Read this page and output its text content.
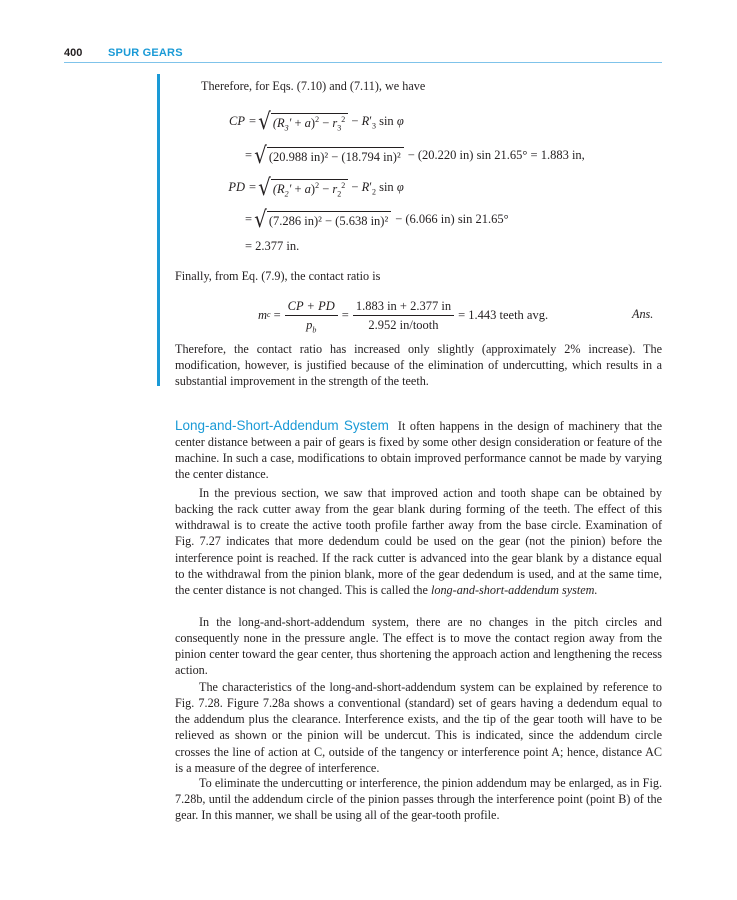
400 SPUR GEARS
Therefore, for Eqs. (7.10) and (7.11), we have
CP = √ $(R_3' + a)^2 - r_3^2 - R'_3$ sin φ
= √ (20.988 in)² − (18.794 in)² − (20.220 in) sin 21.65° = 1.883 in,
PD = √ $(R_2' + a)^2 - r_2^2 - R'_2$ sin φ
= √ (7.286 in)² − (5.638 in)² − (6.066 in) sin 21.65°
= 2.377 in.
Finally, from Eq. (7.9), the contact ratio is
m $c = \frac{CP + PD}{p_b} = \frac{1.883 in + 2.377 in}{\text{2.952 in/tooth}} = 1.443$ teeth avg.	Ans.

Therefore, the contact ratio has increased only slightly (approximately 2% increase). The modification, however, is justified because of the elimination of undercutting, which results in a substantial improvement in the strength of the teeth.

Long-and-Short-Addendum System It often happens in the design of machinery that the center distance between a pair of gears is fixed by some other design consideration or feature of the machine. In such a case, modifications to obtain improved performance cannot be made by varying the center distance.

In the previous section, we saw that improved action and tooth shape can be obtained by backing the rack cutter away from the gear blank during forming of the teeth. The effect of this withdrawal is to create the active tooth profile farther away from the base circle. Examination of Fig. 7.27 indicates that more dedendum could be used on the gear (not the pinion) before the interference point is reached. If the rack cutter is advanced into the gear blank by a distance equal to the withdrawal from the pinion blank, more of the gear dedendum is used, and at the same time, the center distance is not changed. This is called the long-and-short-addendum system.

In the long-and-short-addendum system, there are no changes in the pitch circles and consequently none in the pressure angle. The effect is to move the contact region away from the pinion center toward the gear center, thus shortening the approach action and lengthening the recess action.

The characteristics of the long-and-short-addendum system can be explained by reference to Fig. 7.28. Figure 7.28a shows a conventional (standard) set of gears having a dedendum equal to the addendum plus the clearance. Interference exists, and the tip of the gear tooth will have to be relieved as shown or the pinion will be undercut. This is indicated, since the addendum circle crosses the line of action at C, outside of the tangency or interference point A; hence, distance AC is a measure of the degree of interference.

To eliminate the undercutting or interference, the pinion addendum may be enlarged, as in Fig. 7.28b, until the addendum circle of the pinion passes through the interference point (point B) of the gear. In this manner, we shall be using all of the gear-tooth profile.
